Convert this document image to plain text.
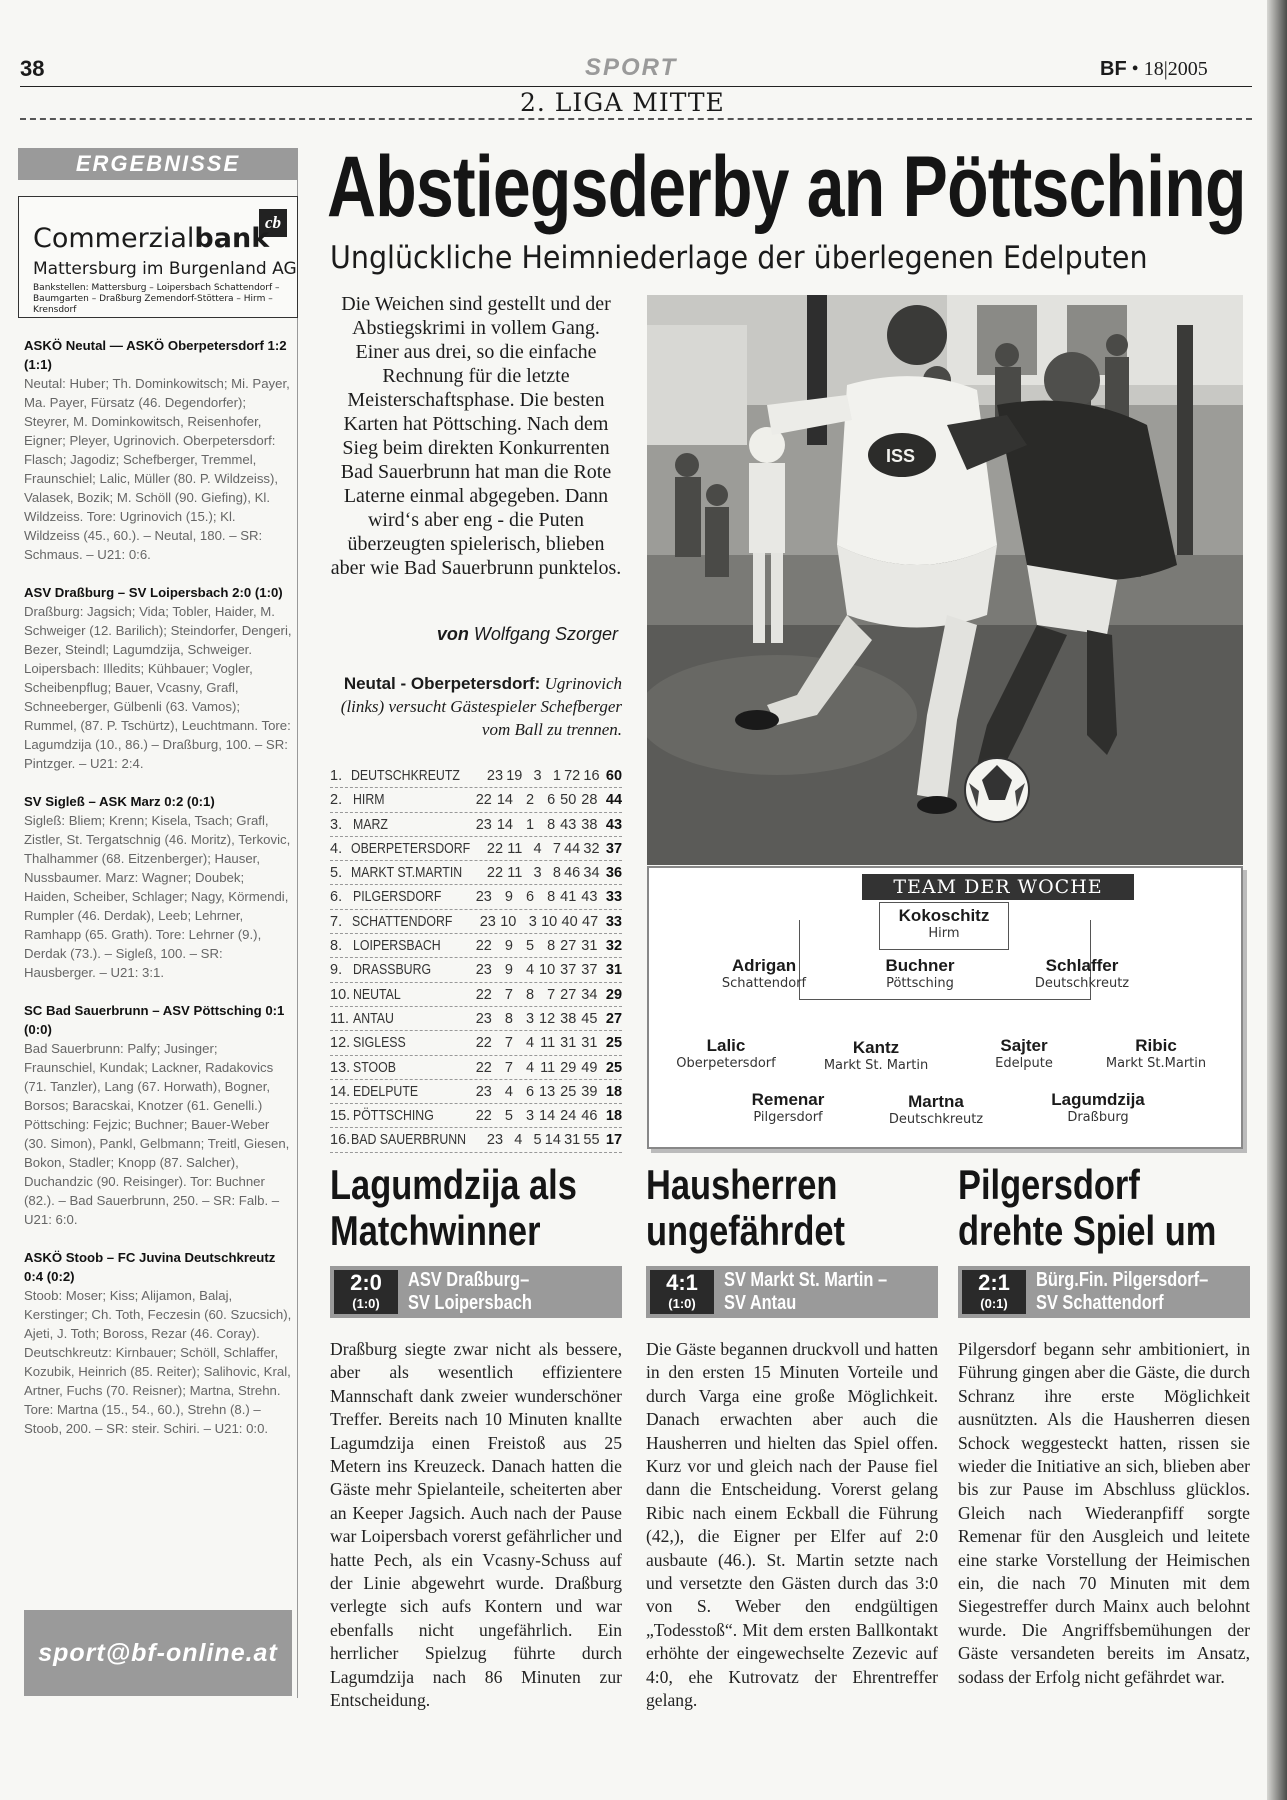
38	SPORT	BF • 18|2005
2. LIGA MITTE
ERGEBNISSE
cb
Commerzialbank
Mattersburg im Burgenland AG
Bankstellen: Mattersburg – Loipersbach Schattendorf – Baumgarten – Draßburg Zemendorf-Stöttera – Hirm – Krensdorf
ASKÖ Neutal — ASKÖ Oberpetersdorf 1:2 (1:1)
Neutal: Huber; Th. Dominkowitsch; Mi. Payer, Ma. Payer, Fürsatz (46. Degendorfer); Steyrer, M. Dominkowitsch, Reisenhofer, Eigner; Pleyer, Ugrinovich. Oberpetersdorf: Flasch; Jagodiz; Schefberger, Tremmel, Fraunschiel; Lalic, Müller (80. P. Wildzeiss), Valasek, Bozik; M. Schöll (90. Giefing), Kl. Wildzeiss. Tore: Ugrinovich (15.); Kl. Wildzeiss (45., 60.). – Neutal, 180. – SR: Schmaus. – U21: 0:6.
ASV Draßburg – SV Loipersbach 2:0 (1:0)
Draßburg: Jagsich; Vida; Tobler, Haider, M. Schweiger (12. Barilich); Steindorfer, Dengeri, Bezer, Steindl; Lagumdzija, Schweiger. Loipersbach: Illedits; Kühbauer; Vogler, Scheibenpflug; Bauer, Vcasny, Grafl, Schneeberger, Gülbenli (63. Vamos); Rummel, (87. P. Tschürtz), Leuchtmann. Tore: Lagumdzija (10., 86.) – Draßburg, 100. – SR: Pintzger. – U21: 2:4.
SV Sigleß – ASK Marz 0:2 (0:1)
Sigleß: Bliem; Krenn; Kisela, Tsach; Grafl, Zistler, St. Tergatschnig (46. Moritz), Terkovic, Thalhammer (68. Eitzenberger); Hauser, Nussbaumer. Marz: Wagner; Doubek; Haiden, Scheiber, Schlager; Nagy, Körmendi, Rumpler (46. Derdak), Leeb; Lehrner, Ramhapp (65. Grath). Tore: Lehrner (9.), Derdak (73.). – Sigleß, 100. – SR: Hausberger. – U21: 3:1.
SC Bad Sauerbrunn – ASV Pöttsching 0:1 (0:0)
Bad Sauerbrunn: Palfy; Jusinger; Fraunschiel, Kundak; Lackner, Radakovics (71. Tanzler), Lang (67. Horwath), Bogner, Borsos; Baracskai, Knotzer (61. Genelli.) Pöttsching: Fejzic; Buchner; Bauer-Weber (30. Simon), Pankl, Gelbmann; Treitl, Giesen, Bokon, Stadler; Knopp (87. Salcher), Duchandzic (90. Reisinger). Tor: Buchner (82.). – Bad Sauerbrunn, 250. – SR: Falb. – U21: 6:0.
ASKÖ Stoob – FC Juvina Deutschkreutz 0:4 (0:2)
Stoob: Moser; Kiss; Alijamon, Balaj, Kerstinger; Ch. Toth, Feczesin (60. Szucsich), Ajeti, J. Toth; Boross, Rezar (46. Coray). Deutschkreutz: Kirnbauer; Schöll, Schlaffer, Kozubik, Heinrich (85. Reiter); Salihovic, Kral, Artner, Fuchs (70. Reisner); Martna, Strehn. Tore: Martna (15., 54., 60.), Strehn (8.) – Stoob, 200. – SR: steir. Schiri. – U21: 0:0.
sport@bf-online.at
Abstiegsderby an Pöttsching
Unglückliche Heimniederlage der überlegenen Edelputen
Die Weichen sind gestellt und der Abstiegskrimi in vollem Gang. Einer aus drei, so die einfache Rechnung für die letzte Meisterschaftsphase. Die besten Karten hat Pöttsching. Nach dem Sieg beim direkten Konkurrenten Bad Sauerbrunn hat man die Rote Laterne einmal abgegeben. Dann wird‘s aber eng - die Puten überzeugten spielerisch, blieben aber wie Bad Sauerbrunn punktelos.
von Wolfgang Szorger
Neutal - Oberpetersdorf: Ugrinovich (links) versucht Gästespieler Schefberger vom Ball zu trennen.
ISS
1. DEUTSCHKREUTZ	23 19 3 1 72 16 60
2. HIRM	22 14 2 6 50 28 44
3. MARZ	23 14 1 8 43 38 43
4. OBERPETERSDORF	22 11 4 7 44 32 37
5. MARKT ST.MARTIN	22 11 3 8 46 34 36
6. PILGERSDORF	23 9 6 8 41 43 33
7. SCHATTENDORF	23 10 3 10 40 47 33
8. LOIPERSBACH	22 9 5 8 27 31 32
9. DRASSBURG	23 9 4 10 37 37 31
10. NEUTAL	22 7 8 7 27 34 29
11. ANTAU	23 8 3 12 38 45 27
12. SIGLESS	22 7 4 11 31 31 25
13. STOOB	22 7 4 11 29 49 25
14. EDELPUTE	23 4 6 13 25 39 18
15. PÖTTSCHING	22 5 3 14 24 46 18
16. BAD SAUERBRUNN	23 4 5 14 31 55 17
TEAM DER WOCHE
Kokoschitz
Hirm
Adrigan
Schattendorf
Buchner
Pöttsching
Schlaffer
Deutschkreutz
Lalic
Oberpetersdorf
Kantz
Markt St. Martin
Sajter
Edelpute
Ribic
Markt St.Martin
Remenar
Pilgersdorf
Martna
Deutschkreutz
Lagumdzija
Draßburg
Lagumdzija als
Matchwinner
2:0
(1:0)
ASV Draßburg–
SV Loipersbach
Draßburg siegte zwar nicht als bessere, aber als wesentlich effizientere Mannschaft dank zweier wunderschöner Treffer. Bereits nach 10 Minuten knallte Lagumdzija einen Freistoß aus 25 Metern ins Kreuzeck. Danach hatten die Gäste mehr Spielanteile, scheiterten aber an Keeper Jagsich. Auch nach der Pause war Loipersbach vorerst gefährlicher und hatte Pech, als ein Vcasny-Schuss auf der Linie abgewehrt wurde. Draßburg verlegte sich aufs Kontern und war ebenfalls nicht ungefährlich. Ein herrlicher Spielzug führte durch Lagumdzija nach 86 Minuten zur Entscheidung.
Hausherren
ungefährdet
4:1
(1:0)
SV Markt St. Martin –
SV Antau
Die Gäste begannen druckvoll und hatten in den ersten 15 Minuten Vorteile und durch Varga eine große Möglichkeit. Danach erwachten aber auch die Hausherren und hielten das Spiel offen. Kurz vor und gleich nach der Pause fiel dann die Entscheidung. Vorerst gelang Ribic nach einem Eckball die Führung (42,), die Eigner per Elfer auf 2:0 ausbaute (46.). St. Martin setzte nach und versetzte den Gästen durch das 3:0 von S. Weber den endgültigen „Todesstoß“. Mit dem ersten Ballkontakt erhöhte der eingewechselte Zezevic auf 4:0, ehe Kutrovatz der Ehrentreffer gelang.
Pilgersdorf
drehte Spiel um
2:1
(0:1)
Bürg.Fin. Pilgersdorf–
SV Schattendorf
Pilgersdorf begann sehr ambitioniert, in Führung gingen aber die Gäste, die durch Schranz ihre erste Möglichkeit ausnützten. Als die Hausherren diesen Schock weggesteckt hatten, rissen sie wieder die Initiative an sich, blieben aber bis zur Pause im Abschluss glücklos. Gleich nach Wiederanpfiff sorgte Remenar für den Ausgleich und leitete eine starke Vorstellung der Heimischen ein, die nach 70 Minuten mit dem Siegestreffer durch Mainx auch belohnt wurde. Die Angriffsbemühungen der Gäste versandeten bereits im Ansatz, sodass der Erfolg nicht gefährdet war.
